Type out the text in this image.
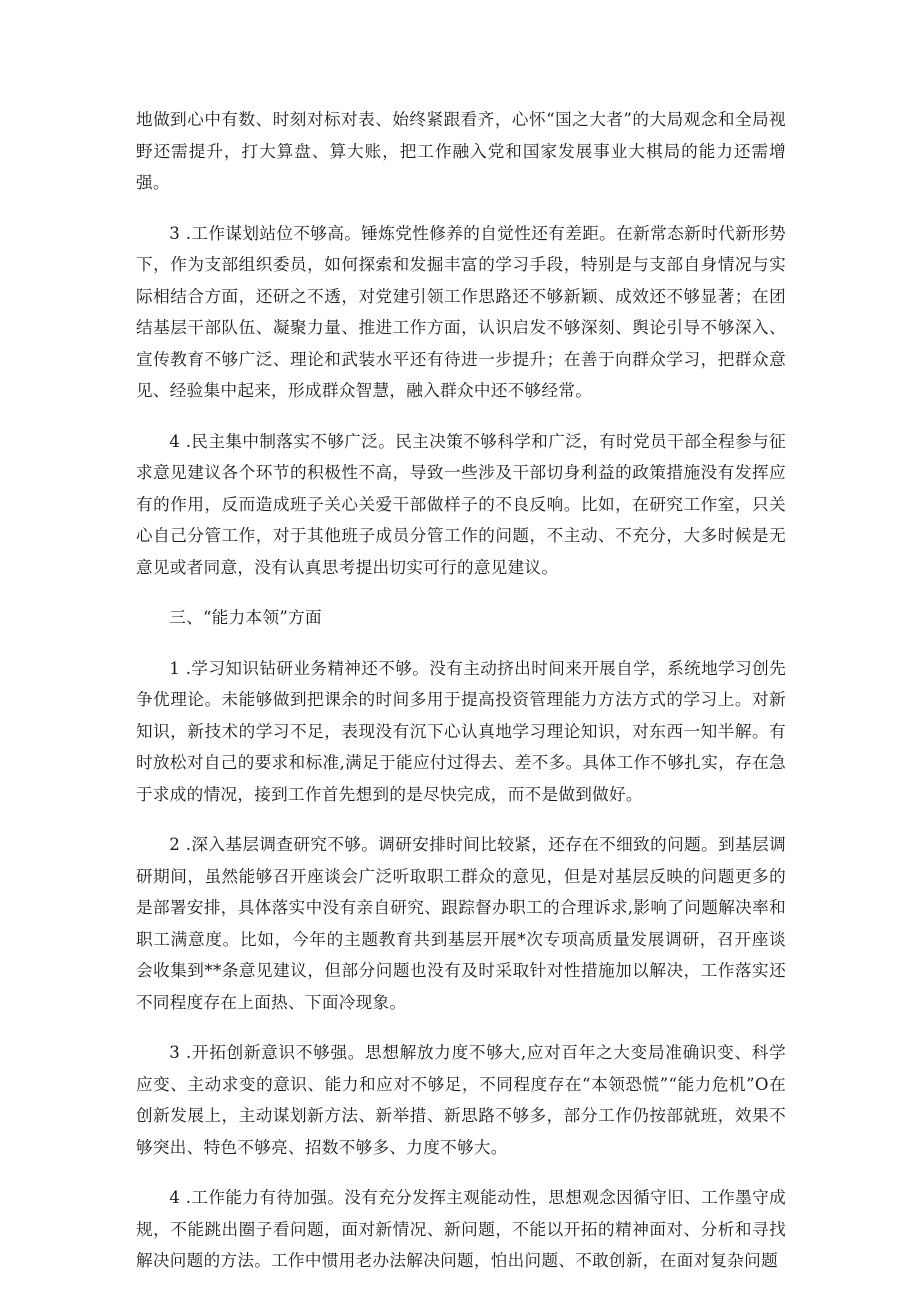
地做到心中有数、时刻对标对表、始终紧跟看齐，心怀“国之大者”的大局观念和全局视野还需提升，打大算盘、算大账，把工作融入党和国家发展事业大棋局的能力还需增强。

3 .工作谋划站位不够高。锤炼党性修养的自觉性还有差距。在新常态新时代新形势下，作为支部组织委员，如何探索和发掘丰富的学习手段，特别是与支部自身情况与实际相结合方面，还研之不透，对党建引领工作思路还不够新颖、成效还不够显著；在团结基层干部队伍、凝聚力量、推进工作方面，认识启发不够深刻、舆论引导不够深入、宣传教育不够广泛、理论和武装水平还有待进一步提升；在善于向群众学习，把群众意见、经验集中起来，形成群众智慧，融入群众中还不够经常。

4 .民主集中制落实不够广泛。民主决策不够科学和广泛，有时党员干部全程参与征求意见建议各个环节的积极性不高，导致一些涉及干部切身利益的政策措施没有发挥应有的作用，反而造成班子关心关爱干部做样子的不良反响。比如，在研究工作室，只关心自己分管工作，对于其他班子成员分管工作的问题，不主动、不充分，大多时候是无意见或者同意，没有认真思考提出切实可行的意见建议。

三、“能力本领”方面

1 .学习知识钻研业务精神还不够。没有主动挤出时间来开展自学，系统地学习创先争优理论。未能够做到把课余的时间多用于提高投资管理能力方法方式的学习上。对新知识，新技术的学习不足，表现没有沉下心认真地学习理论知识，对东西一知半解。有时放松对自己的要求和标准,满足于能应付过得去、差不多。具体工作不够扎实，存在急于求成的情况，接到工作首先想到的是尽快完成，而不是做到做好。

2 .深入基层调查研究不够。调研安排时间比较紧，还存在不细致的问题。到基层调研期间，虽然能够召开座谈会广泛听取职工群众的意见，但是对基层反映的问题更多的是部署安排，具体落实中没有亲自研究、跟踪督办职工的合理诉求,影响了问题解决率和职工满意度。比如，今年的主题教育共到基层开展*次专项高质量发展调研，召开座谈会收集到**条意见建议，但部分问题也没有及时采取针对性措施加以解决，工作落实还不同程度存在上面热、下面冷现象。

3 .开拓创新意识不够强。思想解放力度不够大,应对百年之大变局准确识变、科学应变、主动求变的意识、能力和应对不够足，不同程度存在“本领恐慌”“能力危机”O在创新发展上，主动谋划新方法、新举措、新思路不够多，部分工作仍按部就班，效果不够突出、特色不够亮、招数不够多、力度不够大。

4 .工作能力有待加强。没有充分发挥主观能动性，思想观念因循守旧、工作墨守成规，不能跳出圈子看问题，面对新情况、新问题，不能以开拓的精神面对、分析和寻找解决问题的方法。工作中惯用老办法解决问题，怕出问题、不敢创新，在面对复杂问题
